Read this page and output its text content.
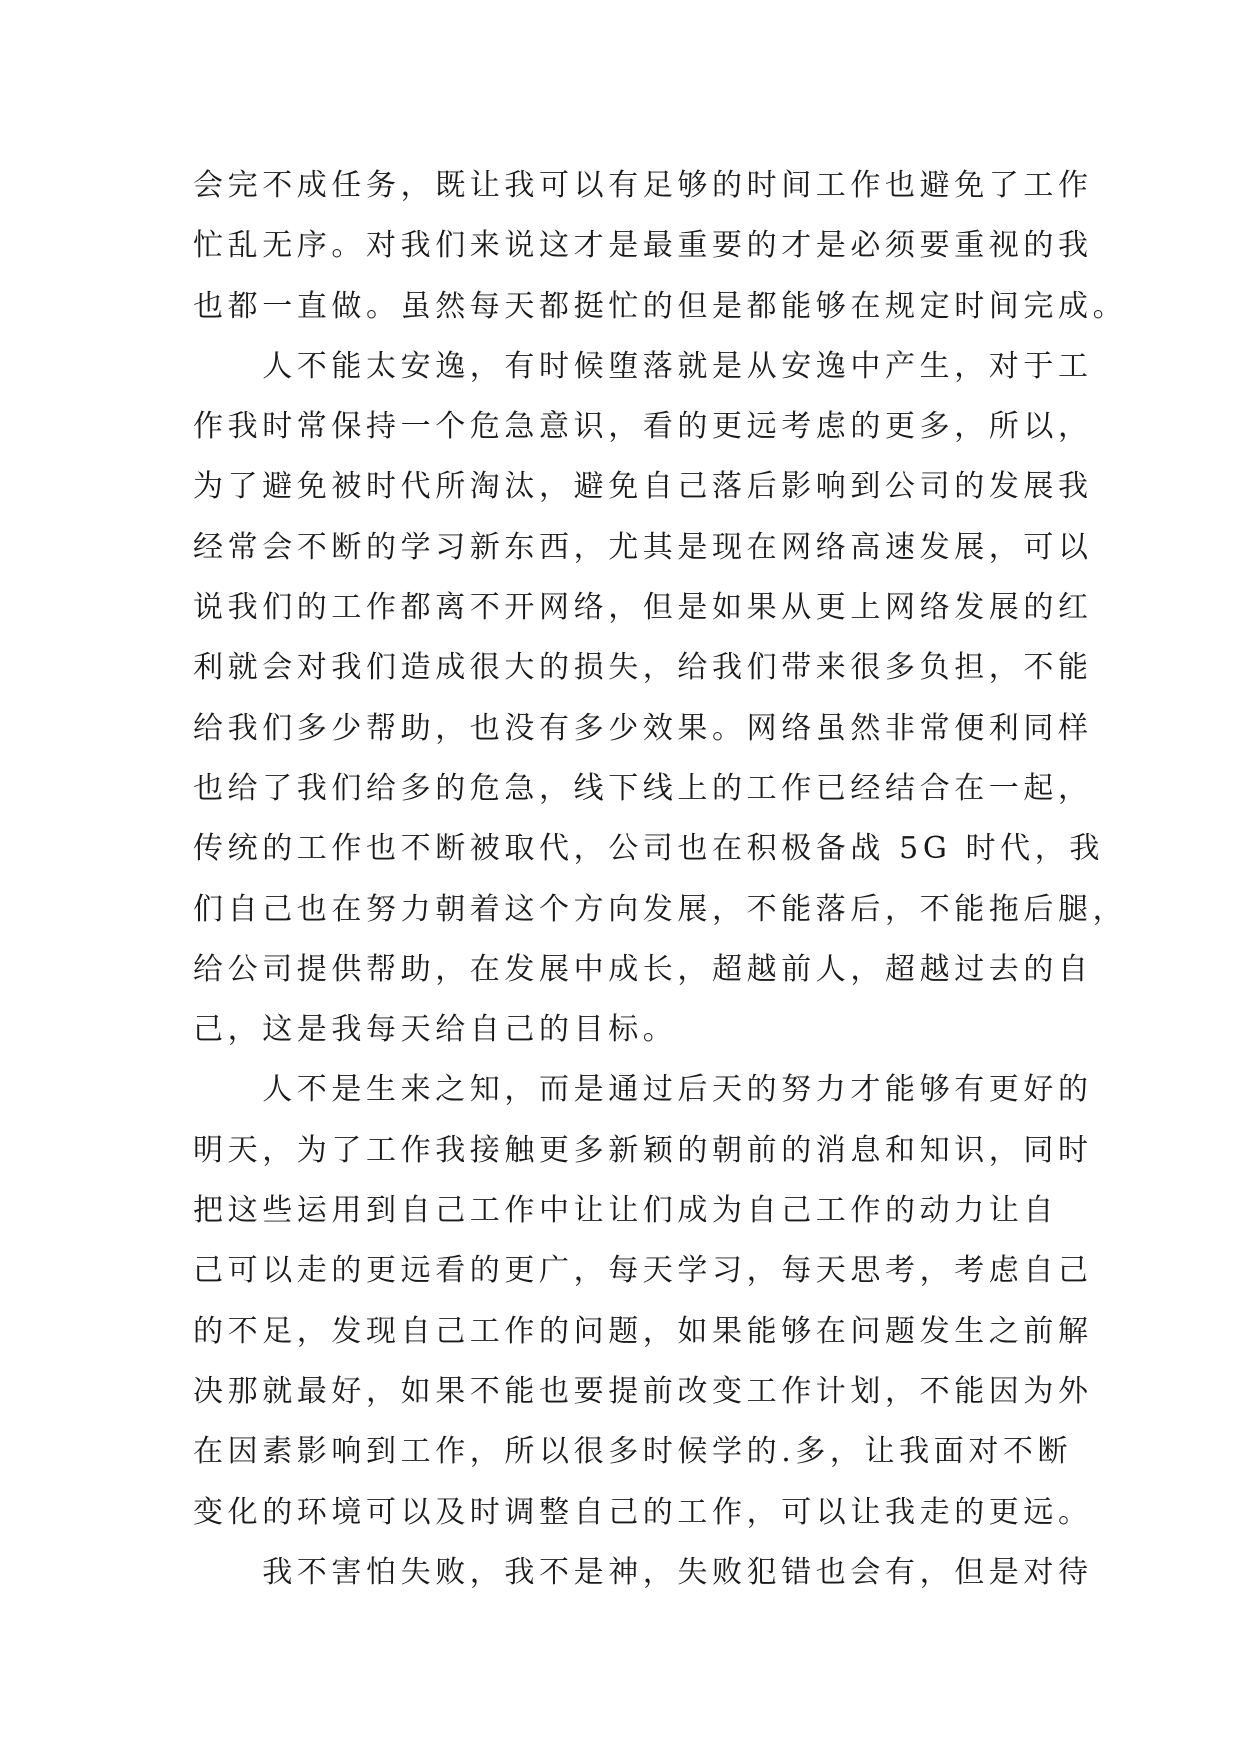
会完不成任务，既让我可以有足够的时间工作也避免了工作
忙乱无序。对我们来说这才是最重要的才是必须要重视的我
也都一直做。虽然每天都挺忙的但是都能够在规定时间完成。
　　人不能太安逸，有时候堕落就是从安逸中产生，对于工
作我时常保持一个危急意识，看的更远考虑的更多，所以，
为了避免被时代所淘汰，避免自己落后影响到公司的发展我
经常会不断的学习新东西，尤其是现在网络高速发展，可以
说我们的工作都离不开网络，但是如果从更上网络发展的红
利就会对我们造成很大的损失，给我们带来很多负担，不能
给我们多少帮助，也没有多少效果。网络虽然非常便利同样
也给了我们给多的危急，线下线上的工作已经结合在一起，
传统的工作也不断被取代，公司也在积极备战 5G 时代，我
们自己也在努力朝着这个方向发展，不能落后，不能拖后腿，
给公司提供帮助，在发展中成长，超越前人，超越过去的自
己，这是我每天给自己的目标。
　　人不是生来之知，而是通过后天的努力才能够有更好的
明天，为了工作我接触更多新颖的朝前的消息和知识，同时
把这些运用到自己工作中让让们成为自己工作的动力让自
己可以走的更远看的更广，每天学习，每天思考，考虑自己
的不足，发现自己工作的问题，如果能够在问题发生之前解
决那就最好，如果不能也要提前改变工作计划，不能因为外
在因素影响到工作，所以很多时候学的.多，让我面对不断
变化的环境可以及时调整自己的工作，可以让我走的更远。
　　我不害怕失败，我不是神，失败犯错也会有，但是对待
